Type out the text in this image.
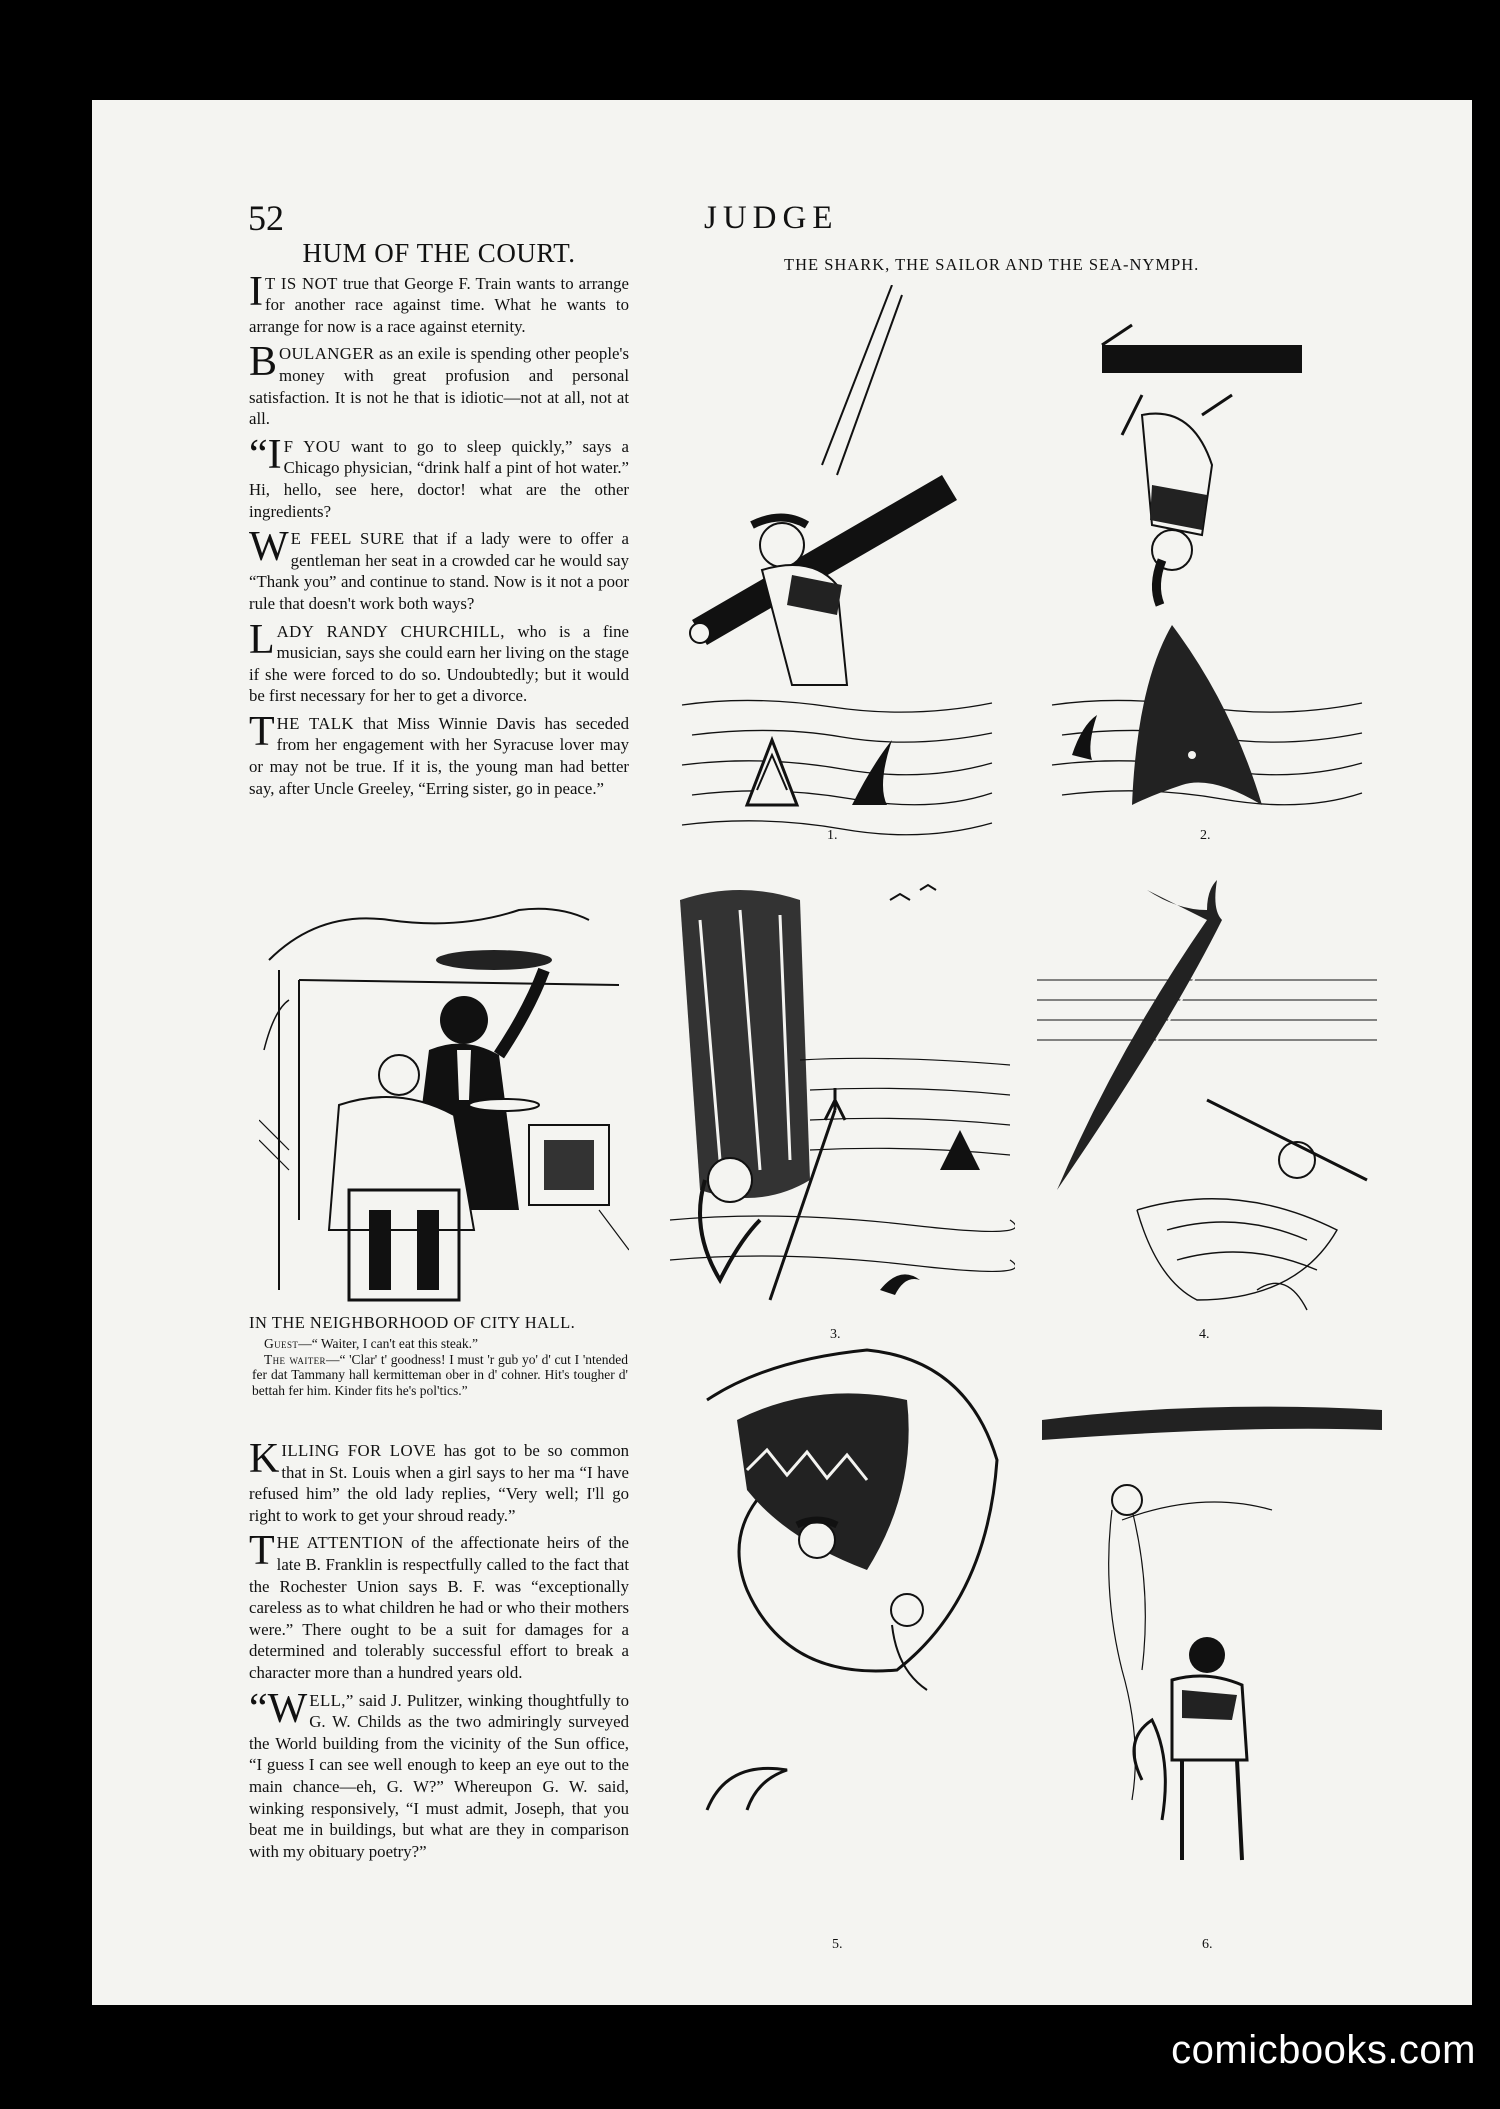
52	JUDGE
THE SHARK, THE SAILOR AND THE SEA-NYMPH.
HUM OF THE COURT.

I T IS NOT true that George F. Train wants to arrange for another race against time. What he wants to arrange for now is a race against eternity.

BOULANGER as an exile is spending other people's money with great profusion and personal satisfaction. It is not he that is idiotic—not at all, not at all.

“I F YOU want to go to sleep quickly,” says a Chicago physician, “drink half a pint of hot water.” Hi, hello, see here, doctor! what are the other ingredients?

W E FEEL SURE that if a lady were to offer a gentleman her seat in a crowded car he would say “Thank you” and continue to stand. Now is it not a poor rule that doesn't work both ways?

LADY RANDY CHURCHILL, who is a fine musician, says she could earn her living on the stage if she were forced to do so. Undoubtedly; but it would be first necessary for her to get a divorce.

THE TALK that Miss Winnie Davis has seceded from her engagement with her Syracuse lover may or may not be true. If it is, the young man had better say, after Uncle Greeley, “Erring sister, go in peace.”

IN THE NEIGHBORHOOD OF CITY HALL.

Guest—“ Waiter, I can't eat this steak.”

The waiter—“ 'Clar' t' goodness! I must 'r gub yo' d' cut I 'ntended fer dat Tammany hall kermitteman ober in d' cohner. Hit's tougher d' bettah fer him. Kinder fits he's pol'tics.”

KILLING FOR LOVE has got to be so common that in St. Louis when a girl says to her ma “I have refused him” the old lady replies, “Very well; I'll go right to work to get your shroud ready.”

THE ATTENTION of the affectionate heirs of the late B. Franklin is respectfully called to the fact that the Rochester Union says B. F. was “exceptionally careless as to what children he had or who their mothers were.” There ought to be a suit for damages for a determined and tolerably successful effort to break a character more than a hundred years old.

“WELL,” said J. Pulitzer, winking thoughtfully to G. W. Childs as the two admiringly surveyed the World building from the vicinity of the Sun office, “I guess I can see well enough to keep an eye out to the main chance—eh, G. W?” Whereupon G. W. said, winking responsively, “I must admit, Joseph, that you beat me in buildings, but what are they in comparison with my obituary poetry?”

1.	2.
3.	4.
5.	6.
comicbooks.com
